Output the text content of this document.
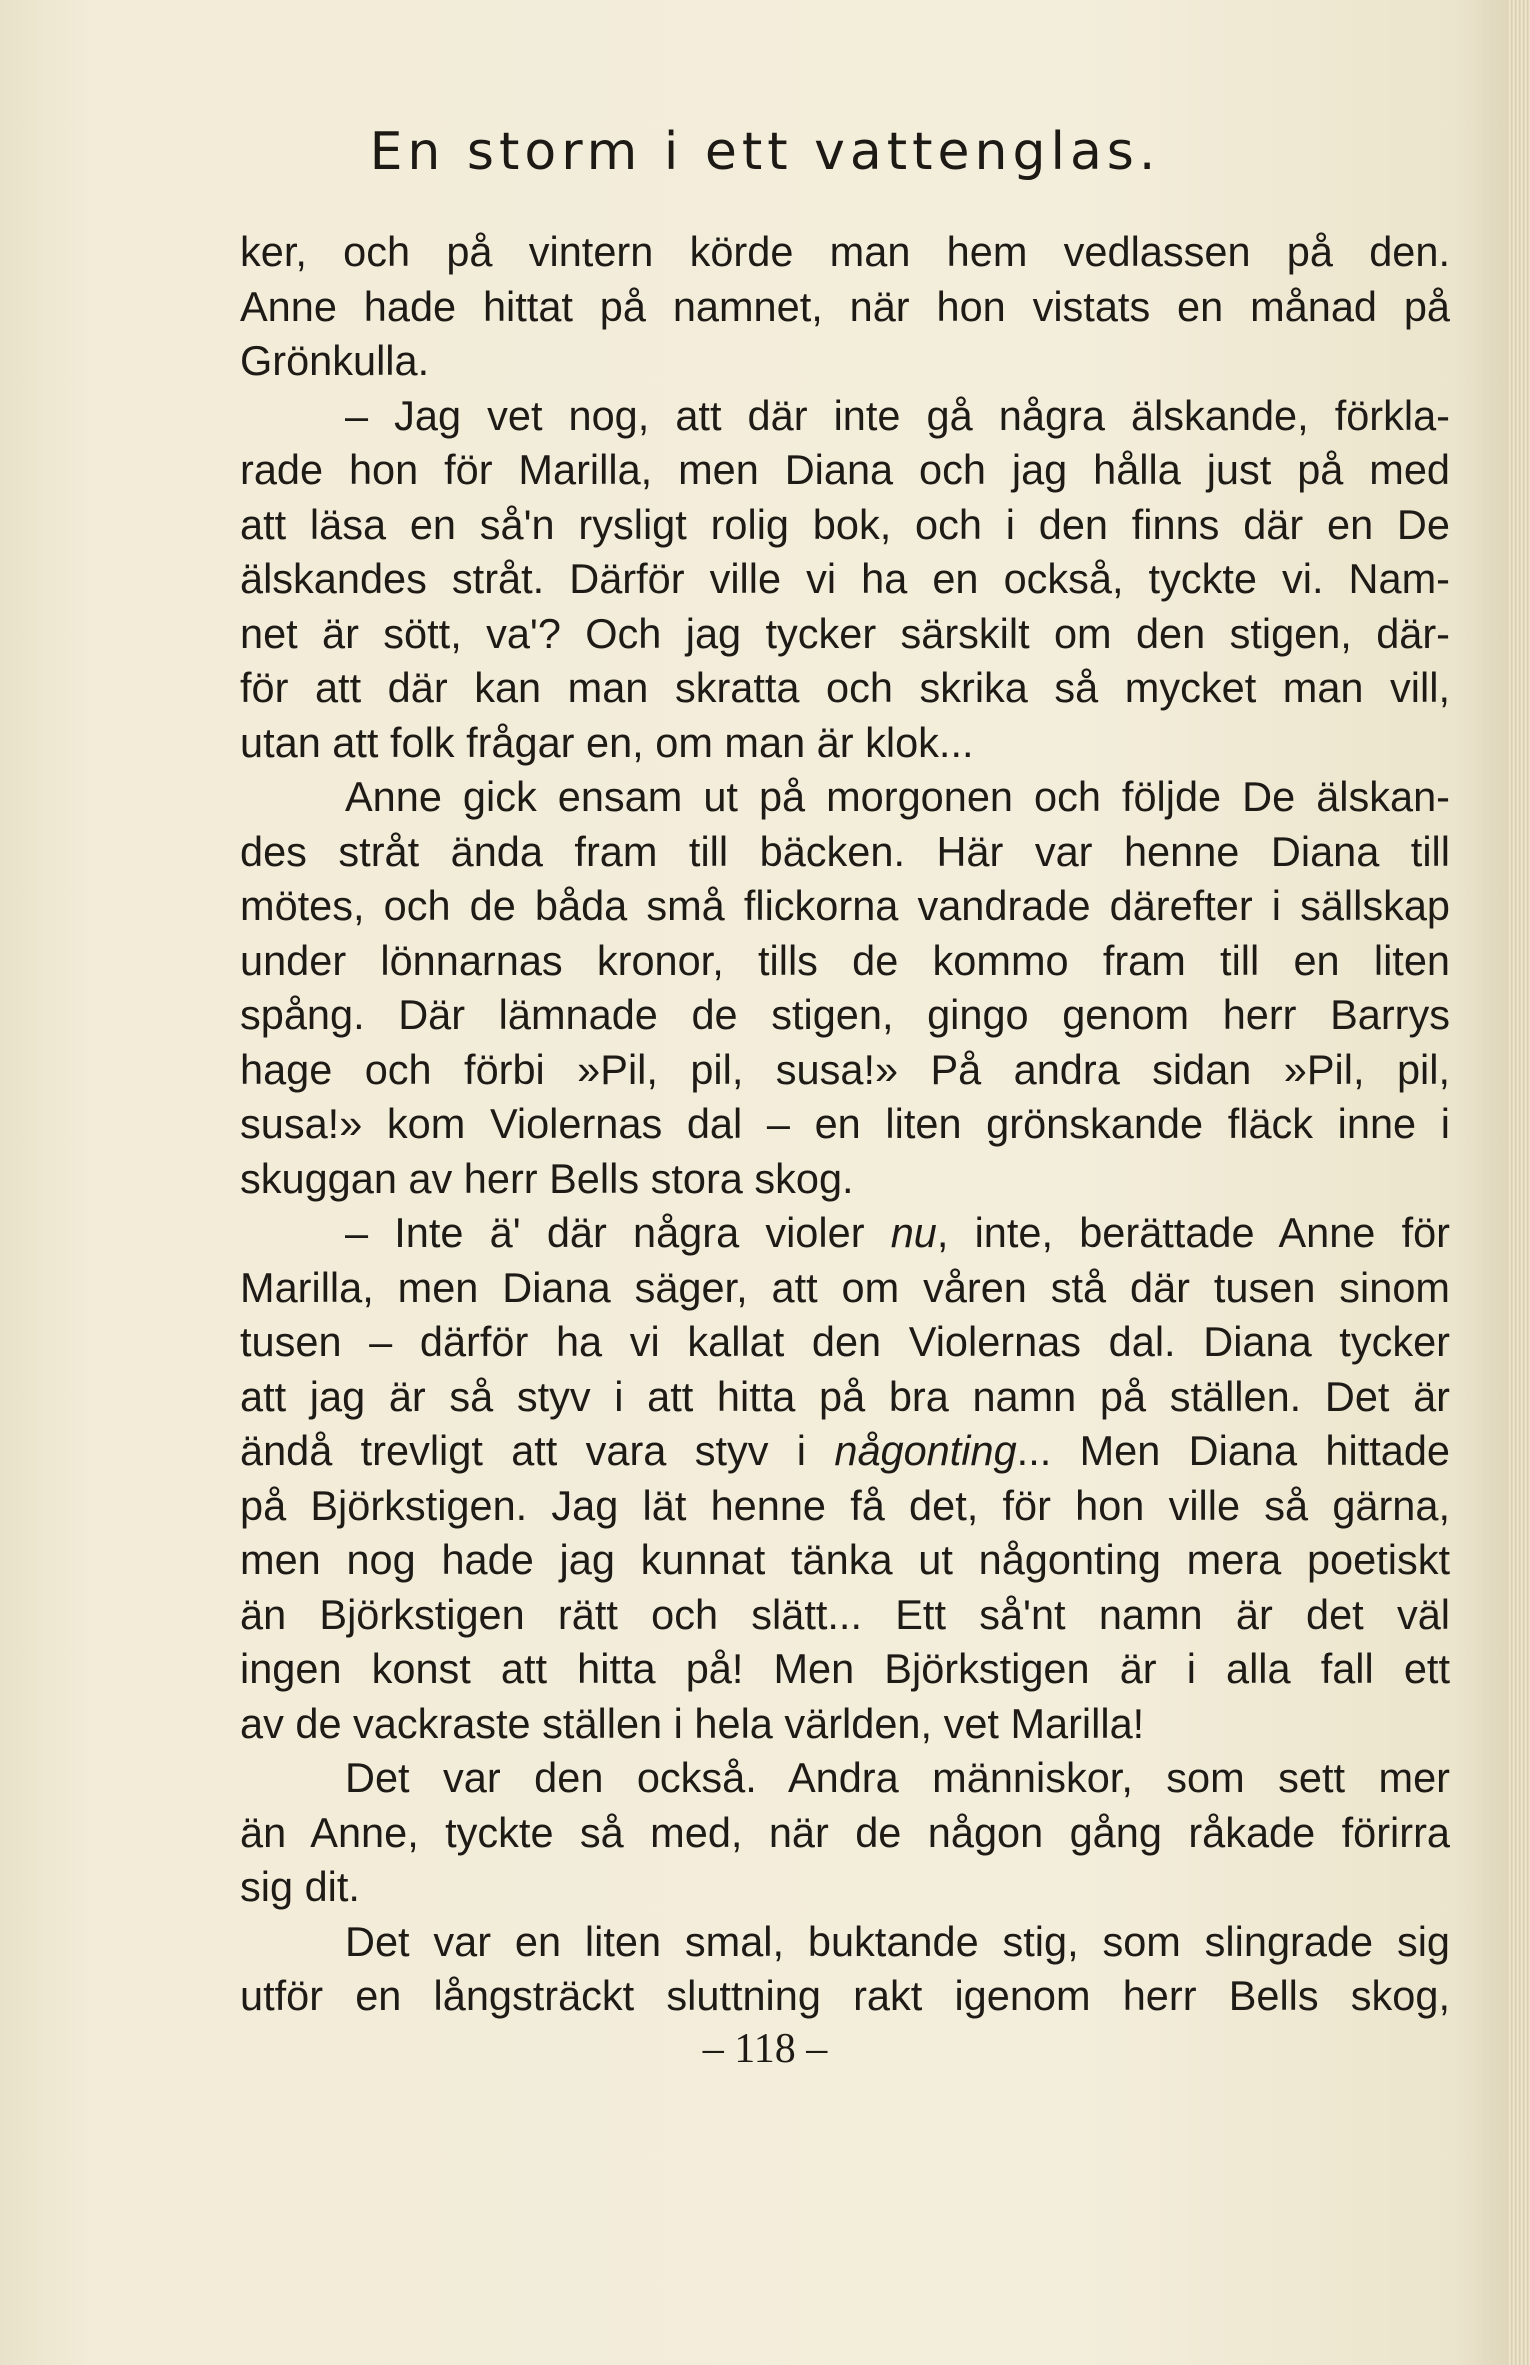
En storm i ett vattenglas.
ker, och på vintern körde man hem vedlassen på den.
Anne hade hittat på namnet, när hon vistats en månad på
Grönkulla.
– Jag vet nog, att där inte gå några älskande, förkla-
rade hon för Marilla, men Diana och jag hålla just på med
att läsa en så'n rysligt rolig bok, och i den finns där en De
älskandes stråt. Därför ville vi ha en också, tyckte vi. Nam-
net är sött, va'? Och jag tycker särskilt om den stigen, där-
för att där kan man skratta och skrika så mycket man vill,
utan att folk frågar en, om man är klok...
Anne gick ensam ut på morgonen och följde De älskan-
des stråt ända fram till bäcken. Här var henne Diana till
mötes, och de båda små flickorna vandrade därefter i sällskap
under lönnarnas kronor, tills de kommo fram till en liten
spång. Där lämnade de stigen, gingo genom herr Barrys
hage och förbi »Pil, pil, susa!» På andra sidan »Pil, pil,
susa!» kom Violernas dal – en liten grönskande fläck inne i
skuggan av herr Bells stora skog.
– Inte ä' där några violer nu, inte, berättade Anne för
Marilla, men Diana säger, att om våren stå där tusen sinom
tusen – därför ha vi kallat den Violernas dal. Diana tycker
att jag är så styv i att hitta på bra namn på ställen. Det är
ändå trevligt att vara styv i någonting... Men Diana hittade
på Björkstigen. Jag lät henne få det, för hon ville så gärna,
men nog hade jag kunnat tänka ut någonting mera poetiskt
än Björkstigen rätt och slätt... Ett så'nt namn är det väl
ingen konst att hitta på! Men Björkstigen är i alla fall ett
av de vackraste ställen i hela världen, vet Marilla!
Det var den också. Andra människor, som sett mer
än Anne, tyckte så med, när de någon gång råkade förirra
sig dit.
Det var en liten smal, buktande stig, som slingrade sig
utför en långsträckt sluttning rakt igenom herr Bells skog,
– 118 –
